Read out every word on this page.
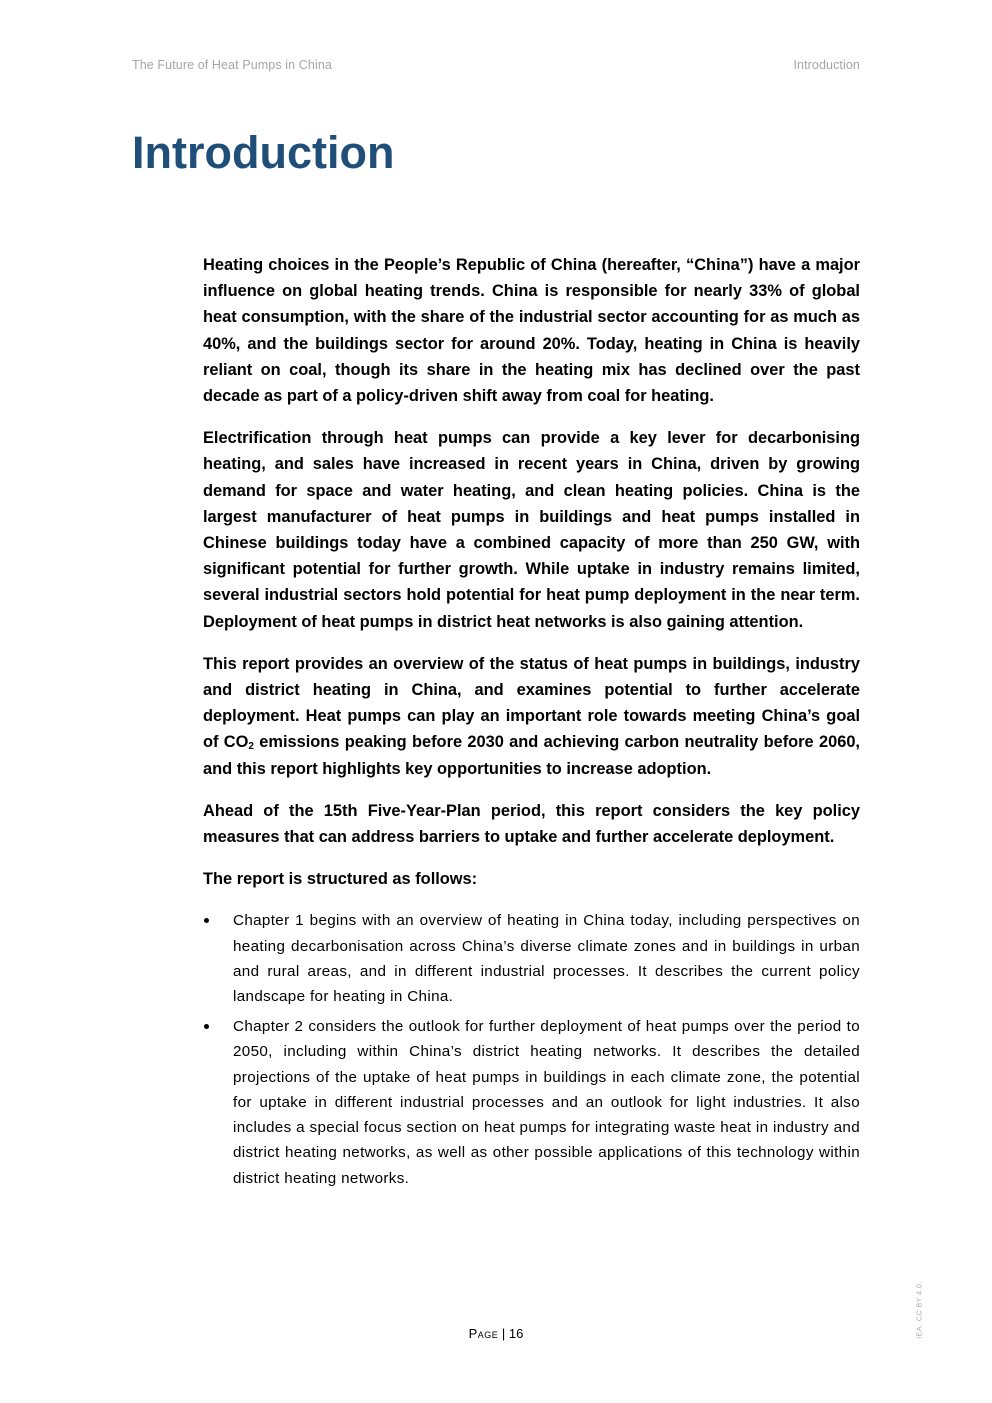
The Future of Heat Pumps in China	Introduction
Introduction

Heating choices in the People’s Republic of China (hereafter, “China”) have a major influence on global heating trends. China is responsible for nearly 33% of global heat consumption, with the share of the industrial sector accounting for as much as 40%, and the buildings sector for around 20%. Today, heating in China is heavily reliant on coal, though its share in the heating mix has declined over the past decade as part of a policy-driven shift away from coal for heating.

Electrification through heat pumps can provide a key lever for decarbonising heating, and sales have increased in recent years in China, driven by growing demand for space and water heating, and clean heating policies. China is the largest manufacturer of heat pumps in buildings and heat pumps installed in Chinese buildings today have a combined capacity of more than 250 GW, with significant potential for further growth. While uptake in industry remains limited, several industrial sectors hold potential for heat pump deployment in the near term. Deployment of heat pumps in district heat networks is also gaining attention.

This report provides an overview of the status of heat pumps in buildings, industry and district heating in China, and examines potential to further accelerate deployment. Heat pumps can play an important role towards meeting China’s goal of $CO_2$ emissions peaking before 2030 and achieving carbon neutrality before 2060, and this report highlights key opportunities to increase adoption.

Ahead of the 15th Five-Year-Plan period, this report considers the key policy measures that can address barriers to uptake and further accelerate deployment.

The report is structured as follows:

Chapter 1 begins with an overview of heating in China today, including perspectives on heating decarbonisation across China’s diverse climate zones and in buildings in urban and rural areas, and in different industrial processes. It describes the current policy landscape for heating in China.
Chapter 2 considers the outlook for further deployment of heat pumps over the period to 2050, including within China’s district heating networks. It describes the detailed projections of the uptake of heat pumps in buildings in each climate zone, the potential for uptake in different industrial processes and an outlook for light industries. It also includes a special focus section on heat pumps for integrating waste heat in industry and district heating networks, as well as other possible applications of this technology within district heating networks.
Page | 16	IEA. CC BY 4.0.
